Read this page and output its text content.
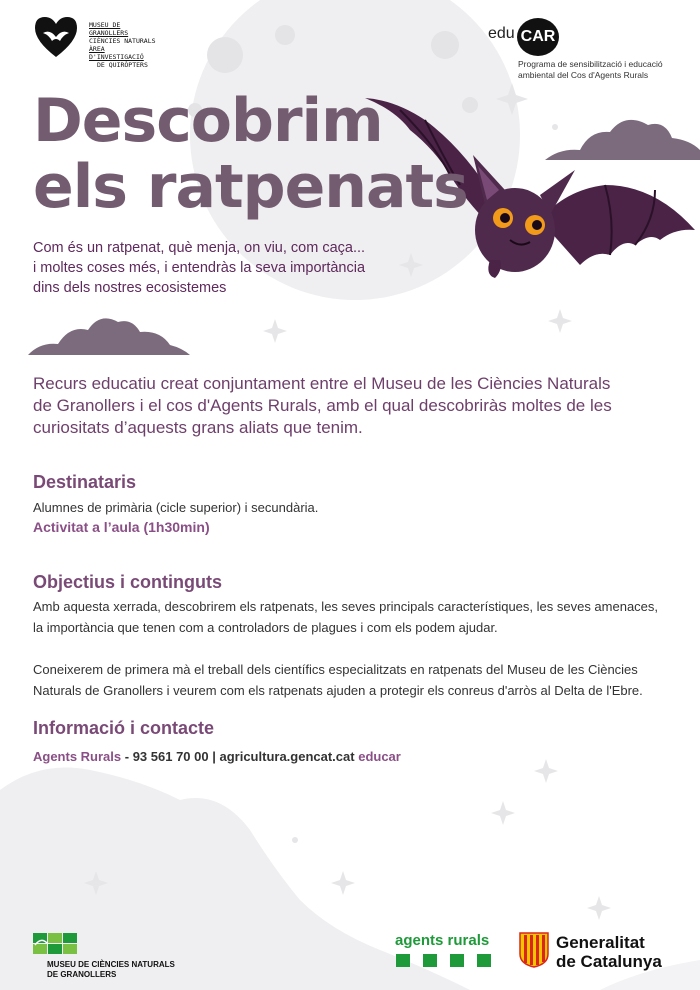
MUSEU DE GRANOLLERS
CIÈNCIES NATURALS
ÀREA D'INVESTIGACIÓ
DE QUIRÒPTERS
edu CAR
Programa de sensibilització i educació
ambiental del Cos d'Agents Rurals
Descobrim
els ratpenats
Com és un ratpenat, què menja, on viu, com caça...
i moltes coses més, i entendràs la seva importància
dins dels nostres ecosistemes
Recurs educatiu creat conjuntament entre el Museu de les Ciències Naturals
de Granollers i el cos d'Agents Rurals, amb el qual descobriràs moltes de les
curiositats d’aquests grans aliats que tenim.
Destinataris
Alumnes de primària (cicle superior) i secundària.
Activitat a l’aula (1h30min)
Objectius i continguts
Amb aquesta xerrada, descobrirem els ratpenats, les seves principals característiques, les seves amenaces,
la importància que tenen com a controladors de plagues i com els podem ajudar.
Coneixerem de primera mà el treball dels científics especialitzats en ratpenats del Museu de les Ciències
Naturals de Granollers i veurem com els ratpenats ajuden a protegir els conreus d'arròs al Delta de l'Ebre.
Informació i contacte
Agents Rurals - 93 561 70 00 | agricultura.gencat.cat educar
MUSEU DE CIÈNCIES NATURALS
DE GRANOLLERS
agents rurals	Generalitat
de Catalunya
